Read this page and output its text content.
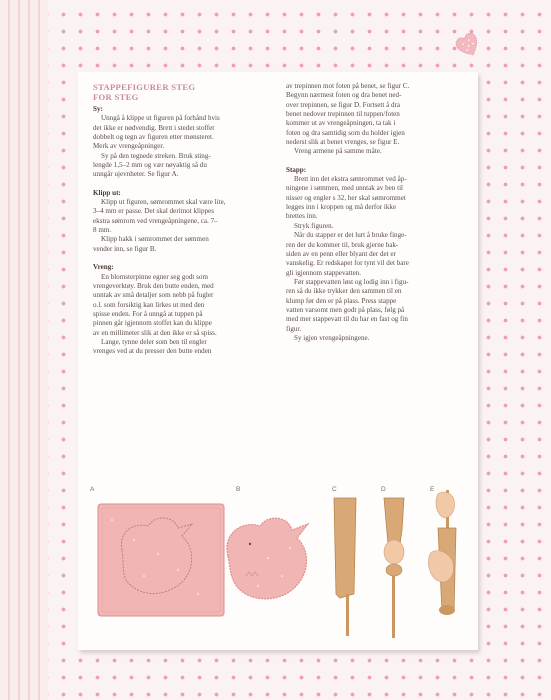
STAPPEFIGURER STEG

FOR STEG

Sy:

Unngå å klippe ut figuren på forhånd hvis
det ikke er nødvendig. Brett i stedet stoffet
dobbelt og tegn av figuren etter mønsteret.
Merk av vrengeåpninger.

Sy på den tegnede streken. Bruk sting-
lengde 1,5–2 mm og vær nøyaktig så du
unngår ujevnheter. Se figur A.

Klipp ut:

Klipp ut figuren, sømrommet skal være lite,
3–4 mm er passe. Det skal derimot klippes
ekstra sømrom ved vrengeåpningene, ca. 7–
8 mm.

Klipp hakk i sømrommet der sømmen
vender inn, se figur B.

Vreng:

En blomsterpinne egner seg godt som
vrengeverktøy. Bruk den butte enden, med
unntak av små detaljer som nebb på fugler
o.l. som forsiktig kan lirkes ut med den
spisse enden. For å unngå at tuppen på
pinnen går igjennom stoffet kan du klippe
av en millimeter slik at den ikke er så spiss.

Lange, tynne deler som ben til engler
vrenges ved at du presser den butte enden

av trepinnen mot foten på benet, se figur C.
Begynn nærmest foten og dra benet ned-
over trepinnen, se figur D. Fortsett å dra
benet nedover trepinnen til tuppen/foten
kommer ut av vrengeåpningen, ta tak i
foten og dra samtidig som du holder igjen
nederst slik at benet vrenges, se figur E.

Vreng armene på samme måte.

Stapp:

Brett inn det ekstra sømrommet ved åp-
ningene i sømmen, med unntak av ben til
nisser og engler s 32, her skal sømrommet
legges inn i kroppen og må derfor ikke
brettes inn.

Stryk figuren.

Når du stapper er det lurt å bruke finge-
ren der du kommer til, bruk gjerne bak-
siden av en penn eller blyant der det er
vanskelig. Er redskapet for tynt vil det bare
gli igjennom stappevatten.

Før stappevatten løst og lodig inn i figu-
ren så du ikke trykker den sammen til en
klump før den er på plass. Press stappe
vatten varsomt men godt på plass, følg på
med mer stappevatt til du har en fast og fin
figur.

Sy igjen vrengeåpningene.

A	B	C	D	E
